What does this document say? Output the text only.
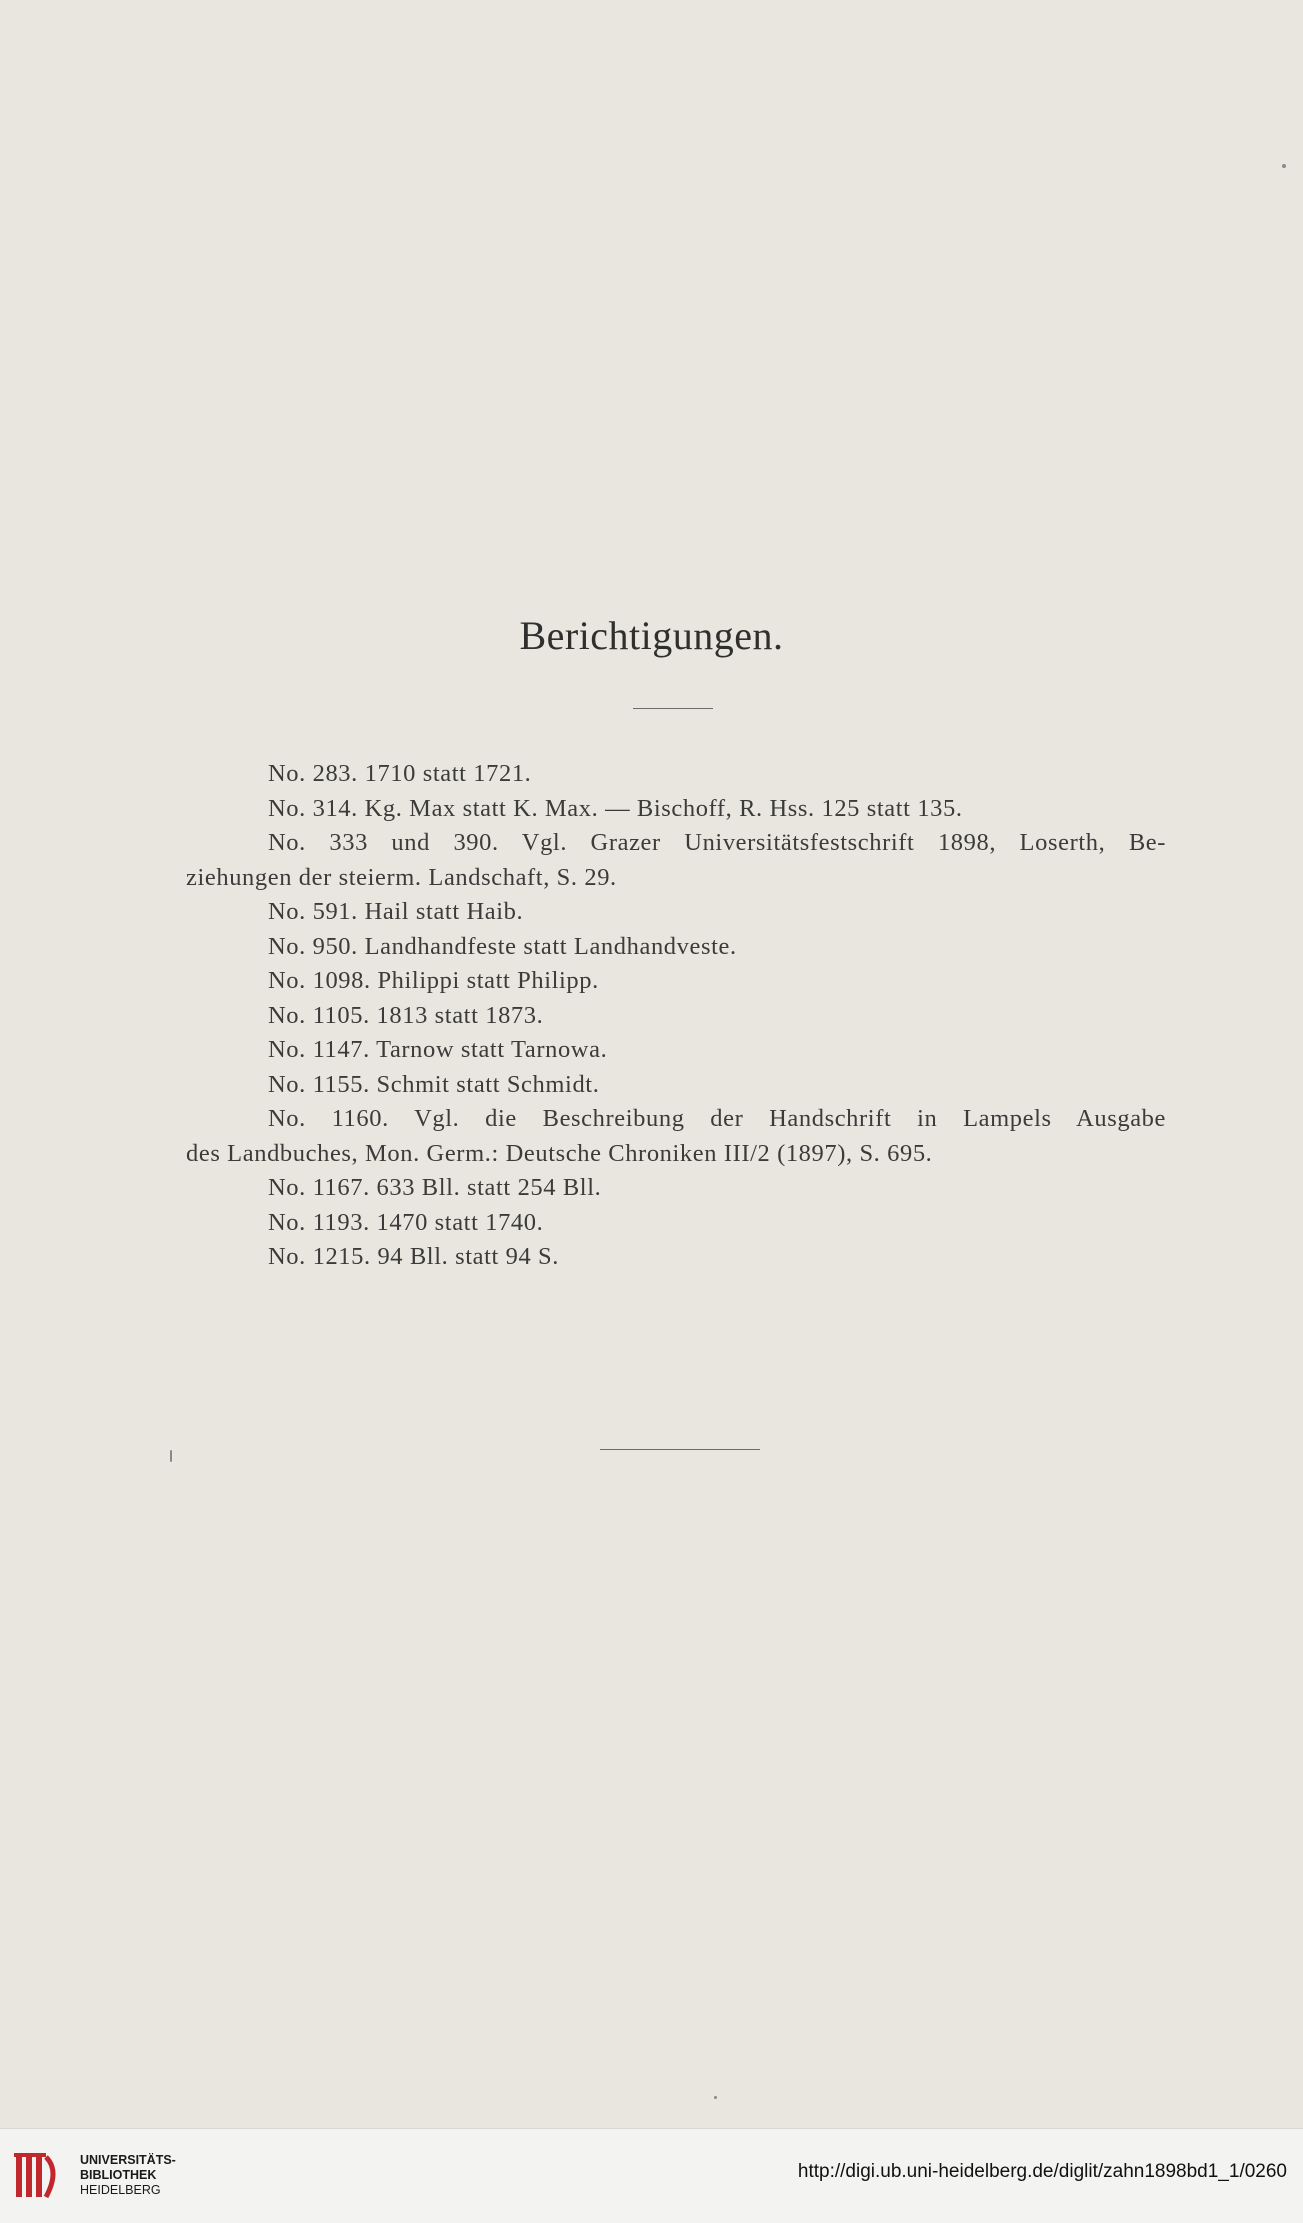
Berichtigungen.
No. 283. 1710 statt 1721.
No. 314. Kg. Max statt K. Max. — Bischoff, R. Hss. 125 statt 135.
No. 333 und 390. Vgl. Grazer Universitätsfestschrift 1898, Loserth, Be-
ziehungen der steierm. Landschaft, S. 29.
No. 591. Hail statt Haib.
No. 950. Landhandfeste statt Landhandveste.
No. 1098. Philippi statt Philipp.
No. 1105. 1813 statt 1873.
No. 1147. Tarnow statt Tarnowa.
No. 1155. Schmit statt Schmidt.
No. 1160. Vgl. die Beschreibung der Handschrift in Lampels Ausgabe
des Landbuches, Mon. Germ.: Deutsche Chroniken III/2 (1897), S. 695.
No. 1167. 633 Bll. statt 254 Bll.
No. 1193. 1470 statt 1740.
No. 1215. 94 Bll. statt 94 S.
UNIVERSITÄTS-
BIBLIOTHEK
HEIDELBERG
http://digi.ub.uni-heidelberg.de/diglit/zahn1898bd1_1/0260
